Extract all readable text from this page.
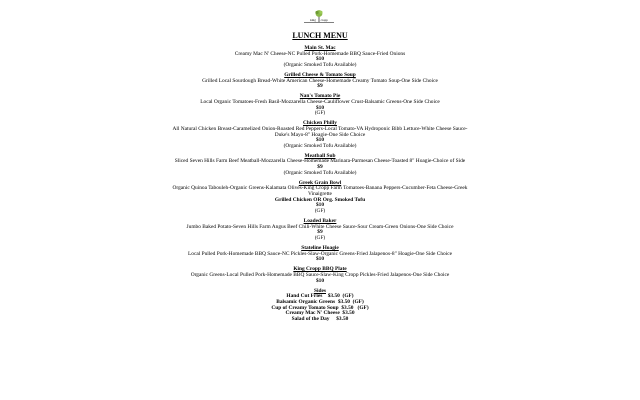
king      cropp
LUNCH MENU
Main St. Mac
Creamy Mac N' Cheese-NC Pulled Pork-Homemade BBQ Sauce-Fried Onions
$10
(Organic Smoked Tofu Available)
Grilled Cheese & Tomato Soup
Grilled Local Sourdough Bread-White American Cheese-Homemade Creamy Tomato Soup-One Side Choice
$9
Nan's Tomato Pie
Local Organic Tomatoes-Fresh Basil-Mozzarella Cheese-Cauliflower Crust-Balsamic Greens-One Side Choice
$10
(GF)
Chicken Philly
All Natural Chicken Breast-Caramelized Onion-Roasted Red Peppers-Local Tomato-VA Hydroponic Bibb Lettuce-White Cheese Sauce-Duke's Mayo-8" Hoagie-One Side Choice
$10
(Organic Smoked Tofu Available)
Meatball Sub
Sliced Seven Hills Farm Beef Meatball-Mozzarella Cheese-Homemade Marinara-Parmesan Cheese-Toasted 8" Hoagie-Choice of Side
$9
(Organic Smoked Tofu Available)
Greek Grain Bowl
Organic Quinoa Tabouleh-Organic Greens-Kalamata Olives-King Cropp Farm Tomatoes-Banana Peppers-Cucumber-Feta Cheese-Greek Vinaigrette
Grilled Chicken OR Org. Smoked Tofu
$10
(GF)
Loaded Baker
Jumbo Baked Potato-Seven Hills Farm Angus Beef Chili-White Cheese Sauce-Sour Cream-Green Onions-One Side Choice
$9
(GF)
Stateline Hoagie
Local Pulled Pork-Homemade BBQ Sauce-NC Pickles-Slaw-Organic Greens-Fried Jalapenos-8" Hoagie-One Side Choice
$10
King Cropp BBQ Plate
Organic Greens-Local Pulled Pork-Homemade BBQ Sauce-Slaw-King Cropp Pickles-Fried Jalapenos-One Side Choice
$10
Sides
Hand Cut Fries    $3.50  (GF)
Balsamic Organic Greens  $3.50  (GF)
Cup of Creamy Tomato Soup  $3.50   (GF)
Creamy Mac N' Cheese  $3.50
Salad of the Day     $3.50
